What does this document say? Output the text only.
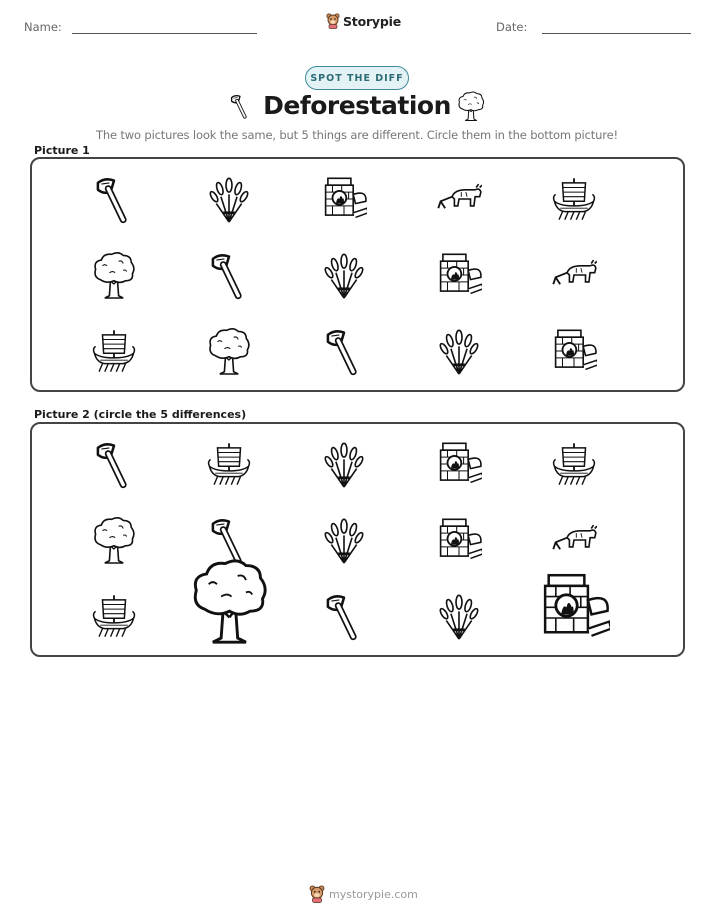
Name:	Storypie	Date:
SPOT THE DIFF
Deforestation
The two pictures look the same, but 5 things are different. Circle them in the bottom picture!
Picture 1
Picture 2 (circle the 5 differences)
mystorypie.com
